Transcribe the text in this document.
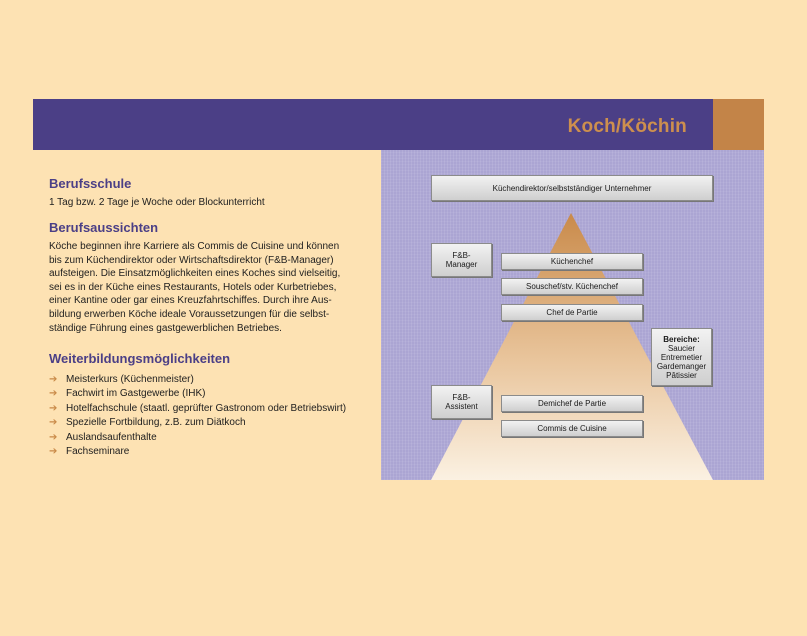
Koch/Köchin
Berufsschule
1 Tag bzw. 2 Tage je Woche oder Blockunterricht
Berufsaussichten
Köche beginnen ihre Karriere als Commis de Cuisine und können
bis zum Küchendirektor oder Wirtschaftsdirektor (F&B-Manager)
aufsteigen. Die Einsatzmöglichkeiten eines Koches sind vielseitig,
sei es in der Küche eines Restaurants, Hotels oder Kurbetriebes,
einer Kantine oder gar eines Kreuzfahrtschiffes. Durch ihre Aus-
bildung erwerben Köche ideale Voraussetzungen für die selbst-
ständige Führung eines gastgewerblichen Betriebes.
Weiterbildungsmöglichkeiten
➔ Meisterkurs (Küchenmeister)
➔ Fachwirt im Gastgewerbe (IHK)
➔ Hotelfachschule (staatl. geprüfter Gastronom oder Betriebswirt)
➔ Spezielle Fortbildung, z.B. zum Diätkoch
➔ Auslandsaufenthalte
➔ Fachseminare
Küchendirektor/selbstständiger Unternehmer
F&B-
Manager	Küchenchef
Souschef/stv. Küchenchef
Chef de Partie
Bereiche:
Saucier
Entremetier
Gardemanger
Pâtissier
F&B-
Assistent	Demichef de Partie
Commis de Cuisine
